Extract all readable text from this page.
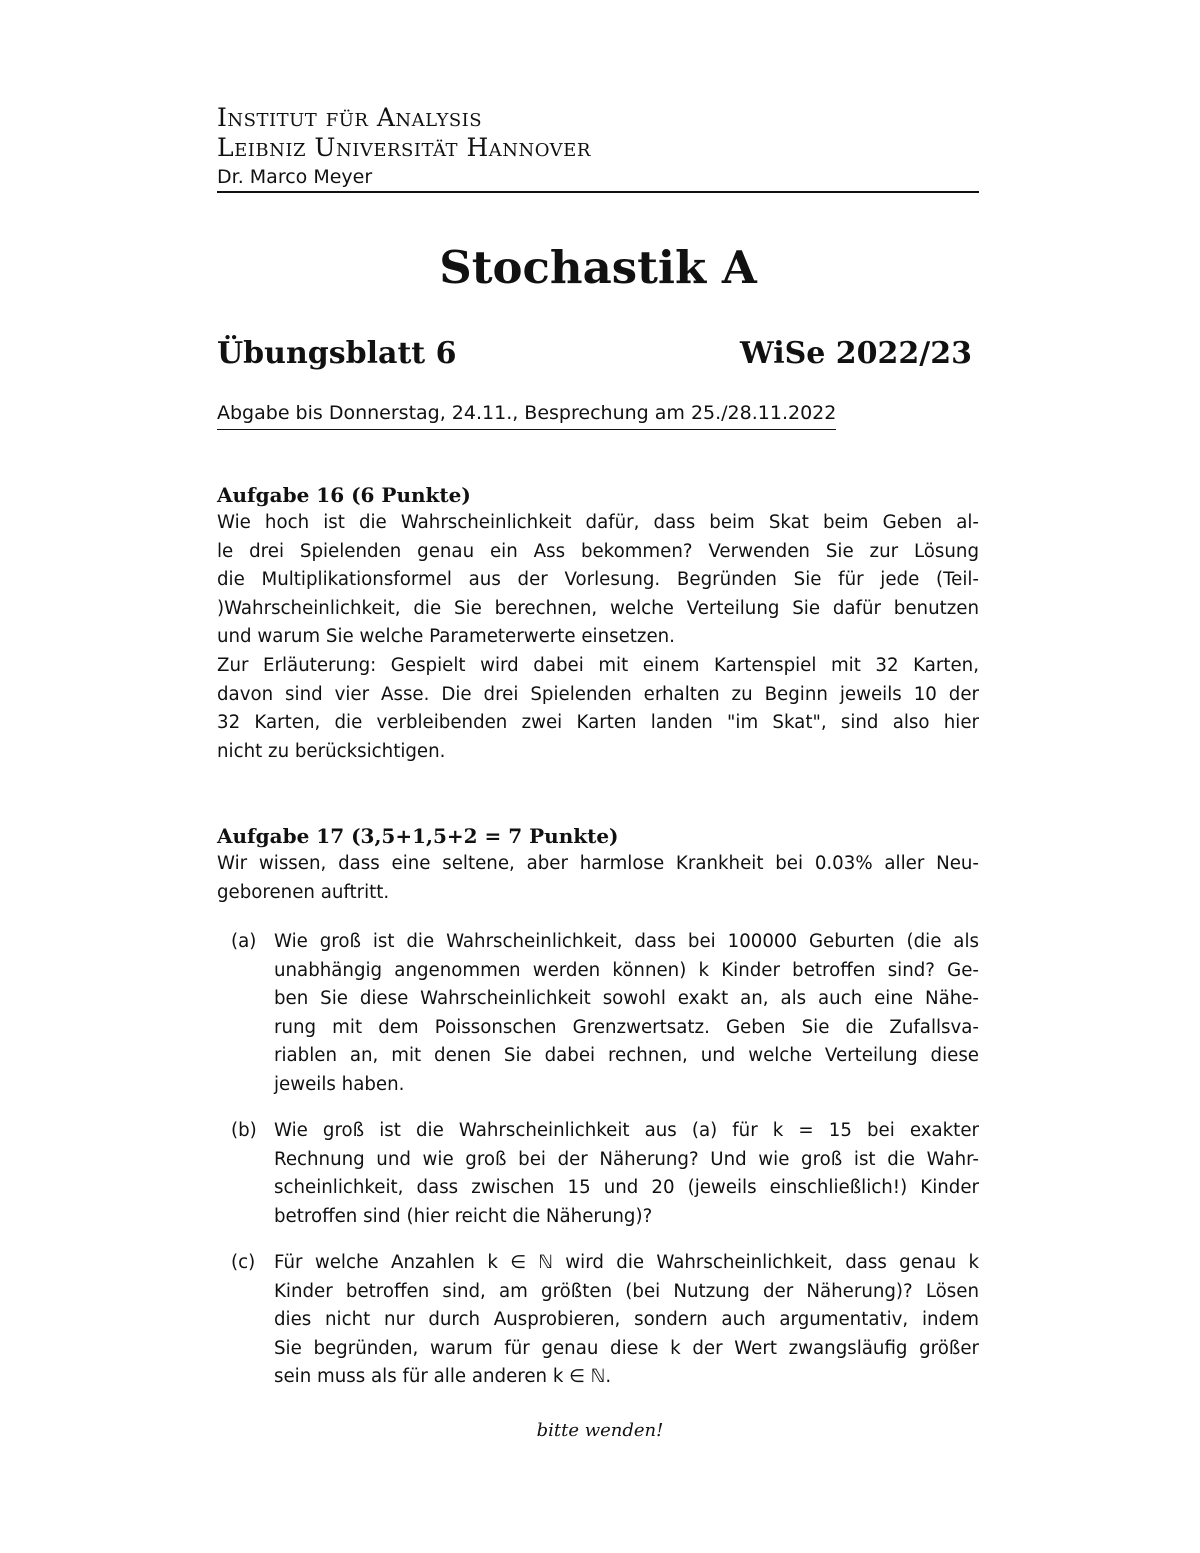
Institut für Analysis

Leibniz Universität Hannover

Dr. Marco Meyer

Stochastik A
Übungsblatt 6	WiSe 2022/23
Abgabe bis Donnerstag, 24.11., Besprechung am 25./28.11.2022

Aufgabe 16 (6 Punkte)

Wie hoch ist die Wahrscheinlichkeit dafür, dass beim Skat beim Geben al-
le drei Spielenden genau ein Ass bekommen? Verwenden Sie zur Lösung
die Multiplikationsformel aus der Vorlesung. Begründen Sie für jede (Teil-
)Wahrscheinlichkeit, die Sie berechnen, welche Verteilung Sie dafür benutzen
und warum Sie welche Parameterwerte einsetzen.
Zur Erläuterung: Gespielt wird dabei mit einem Kartenspiel mit 32 Karten,
davon sind vier Asse. Die drei Spielenden erhalten zu Beginn jeweils 10 der
32 Karten, die verbleibenden zwei Karten landen "im Skat", sind also hier
nicht zu berücksichtigen.

Aufgabe 17 (3,5+1,5+2 = 7 Punkte)

Wir wissen, dass eine seltene, aber harmlose Krankheit bei 0.03% aller Neu-
geborenen auftritt.

(a) Wie groß ist die Wahrscheinlichkeit, dass bei 100000 Geburten (die als
unabhängig angenommen werden können) k Kinder betroffen sind? Ge-
ben Sie diese Wahrscheinlichkeit sowohl exakt an, als auch eine Nähe-
rung mit dem Poissonschen Grenzwertsatz. Geben Sie die Zufallsva-
riablen an, mit denen Sie dabei rechnen, und welche Verteilung diese
jeweils haben.

(b) Wie groß ist die Wahrscheinlichkeit aus (a) für k = 15 bei exakter
Rechnung und wie groß bei der Näherung? Und wie groß ist die Wahr-
scheinlichkeit, dass zwischen 15 und 20 (jeweils einschließlich!) Kinder
betroffen sind (hier reicht die Näherung)?

(c)	Für welche Anzahlen k ∈ ℕ wird die Wahrscheinlichkeit, dass genau k
Kinder betroffen sind, am größten (bei Nutzung der Näherung)? Lösen
dies nicht nur durch Ausprobieren, sondern auch argumentativ, indem
Sie begründen, warum für genau diese k der Wert zwangsläufig größer
sein muss als für alle anderen k ∈ ℕ.

bitte wenden!
